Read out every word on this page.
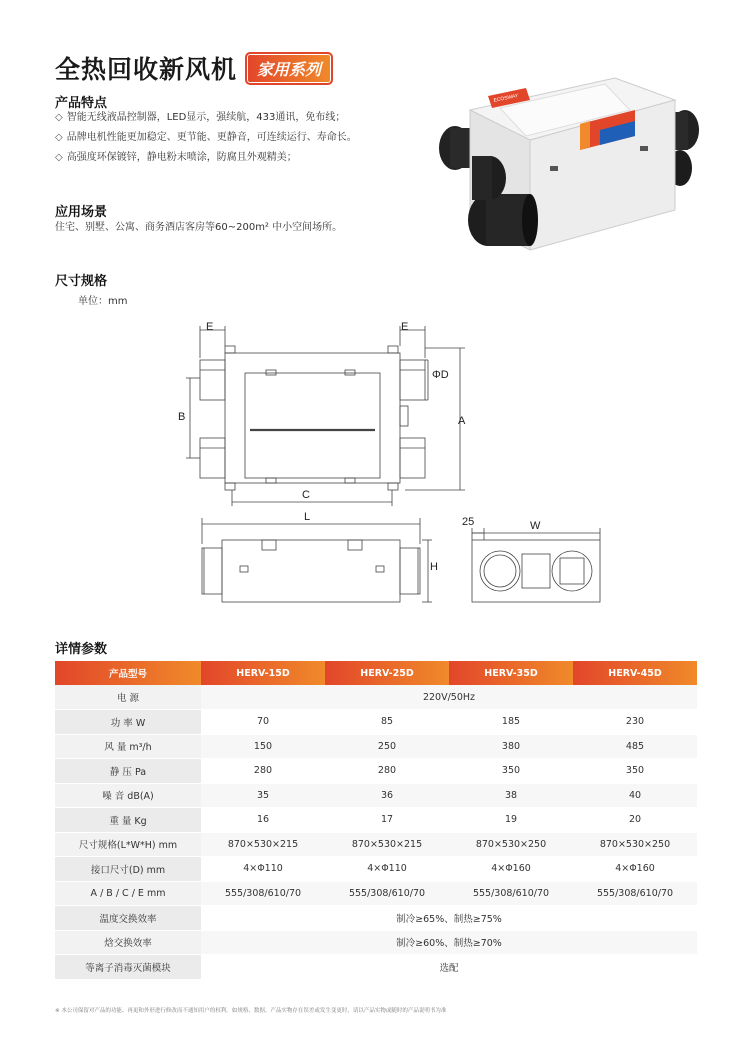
全热回收新风机	家用系列
产品特点
◇ 智能无线液晶控制器，LED显示，强续航，433通讯，免布线；
◇ 品牌电机性能更加稳定、更节能、更静音，可连续运行、寿命长。
◇ 高强度环保镀锌，静电粉末喷涂，防腐且外观精美；
应用场景
住宅、别墅、公寓、商务酒店客房等60~200m² 中小空间场所。
尺寸规格
单位：mm
ECOSWAY
E	E
ΦD
B	A
C
L
H
25	W
详情参数
产品型号	HERV-15D	HERV-25D	HERV-35D	HERV-45D
电 源	220V/50Hz			
功 率 W	70	85	185	230
风 量 m³/h	150	250	380	485
静 压 Pa	280	280	350	350
噪 音 dB(A)	35	36	38	40
重 量 Kg	16	17	19	20
尺寸规格(L*W*H) mm	870×530×215	870×530×215	870×530×250	870×530×250
接口尺寸(D) mm	4×Φ110	4×Φ110	4×Φ160	4×Φ160
A / B / C / E mm	555/308/610/70	555/308/610/70	555/308/610/70	555/308/610/70
温度交换效率	制冷≥65%、制热≥75%			
焓交换效率	制冷≥60%、制热≥70%			
等离子消毒灭菌模块	选配			
※ 本公司保留对产品的功能、再更和外形进行修改而不通知用户的权利。如规格、数据、产品实物存在误差或发生变更时，请以产品实物或随时的产品说明书为准
